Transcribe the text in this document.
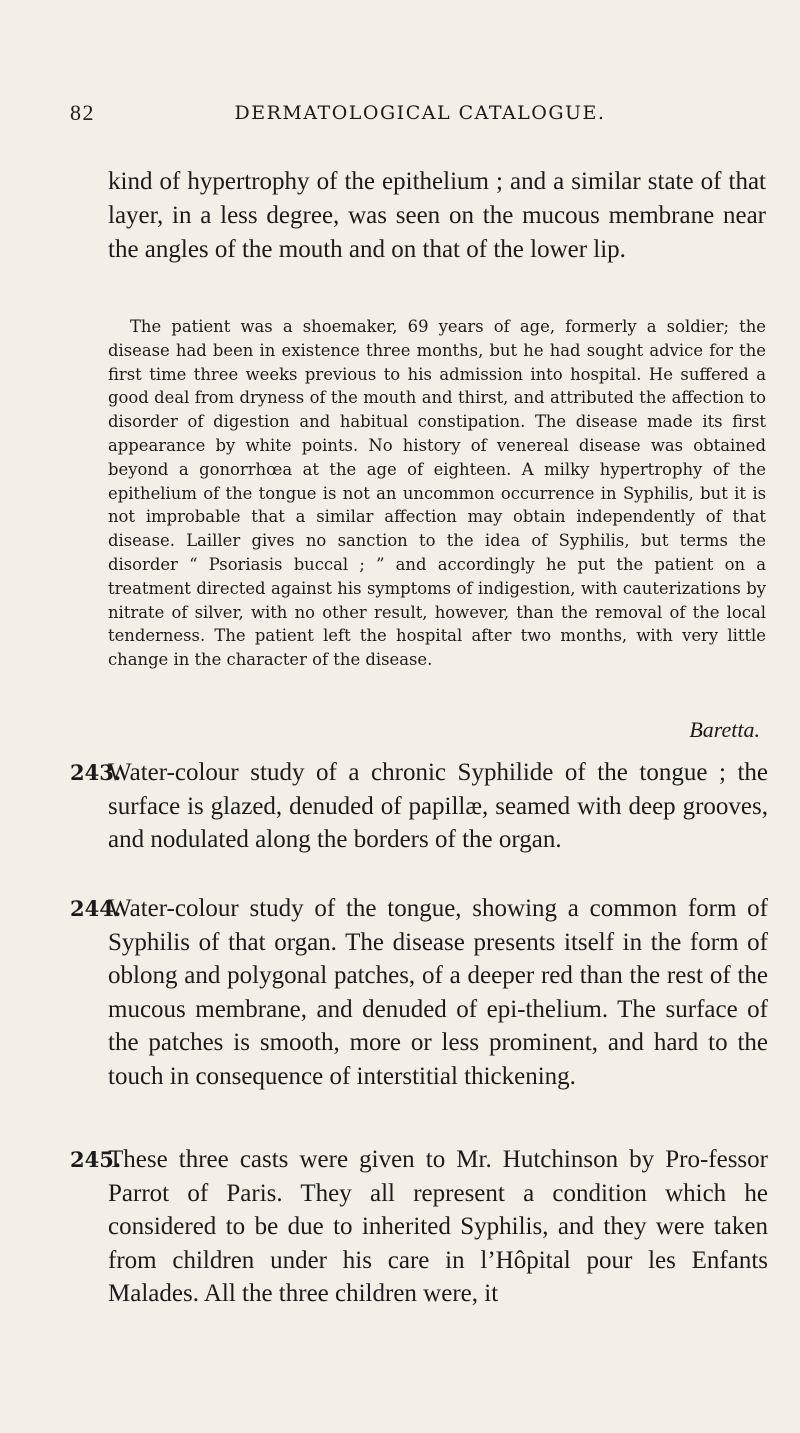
82	DERMATOLOGICAL CATALOGUE.

kind of hypertrophy of the epithelium ; and a similar state of that layer, in a less degree, was seen on the mucous membrane near the angles of the mouth and on that of the lower lip.

The patient was a shoemaker, 69 years of age, formerly a soldier; the disease had been in existence three months, but he had sought advice for the first time three weeks previous to his admission into hospital. He suffered a good deal from dryness of the mouth and thirst, and attributed the affection to disorder of digestion and habitual constipation. The disease made its first appearance by white points. No history of venereal disease was obtained beyond a gonorrhœa at the age of eighteen. A milky hypertrophy of the epithelium of the tongue is not an uncommon occurrence in Syphilis, but it is not improbable that a similar affection may obtain independently of that disease. Lailler gives no sanction to the idea of Syphilis, but terms the disorder “ Psoriasis buccal ; ” and accordingly he put the patient on a treatment directed against his symptoms of indigestion, with cauterizations by nitrate of silver, with no other result, however, than the removal of the local tenderness. The patient left the hospital after two months, with very little change in the character of the disease.

Baretta.
243.

Water-colour study of a chronic Syphilide of the tongue ; the surface is glazed, denuded of papillæ, seamed with deep grooves, and nodulated along the borders of the organ.

244.

Water-colour study of the tongue, showing a common form of Syphilis of that organ. The disease presents itself in the form of oblong and polygonal patches, of a deeper red than the rest of the mucous membrane, and denuded of epi-thelium. The surface of the patches is smooth, more or less prominent, and hard to the touch in consequence of interstitial thickening.

245.

These three casts were given to Mr. Hutchinson by Pro-fessor Parrot of Paris. They all represent a condition which he considered to be due to inherited Syphilis, and they were taken from children under his care in l’Hôpital pour les Enfants Malades. All the three children were, it
